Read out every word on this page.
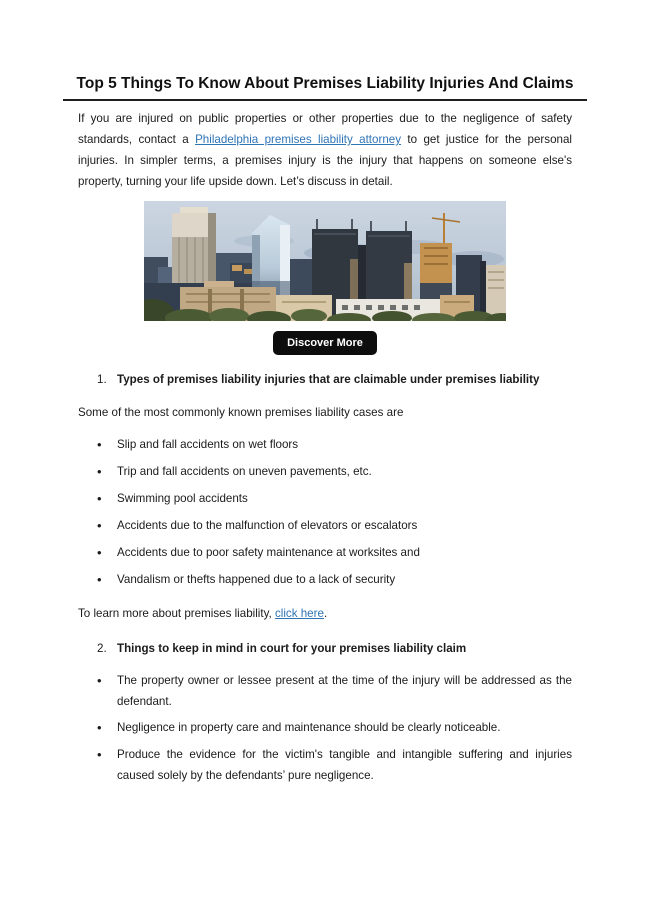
Top 5 Things To Know About Premises Liability Injuries And Claims

If you are injured on public properties or other properties due to the negligence of safety standards, contact a Philadelphia premises liability attorney to get justice for the personal injuries. In simpler terms, a premises injury is the injury that happens on someone else's property, turning your life upside down. Let’s discuss in detail.

Discover More
1. Types of premises liability injuries that are claimable under premises liability

Some of the most commonly known premises liability cases are

•
Slip and fall accidents on wet floors
•
Trip and fall accidents on uneven pavements, etc.
•
Swimming pool accidents
•
Accidents due to the malfunction of elevators or escalators
•
Accidents due to poor safety maintenance at worksites and
•
Vandalism or thefts happened due to a lack of security

To learn more about premises liability, click here.

2. Things to keep in mind in court for your premises liability claim
•
The property owner or lessee present at the time of the injury will be addressed as the defendant.
•
Negligence in property care and maintenance should be clearly noticeable.
•
Produce the evidence for the victim's tangible and intangible suffering and injuries caused solely by the defendants’ pure negligence.
